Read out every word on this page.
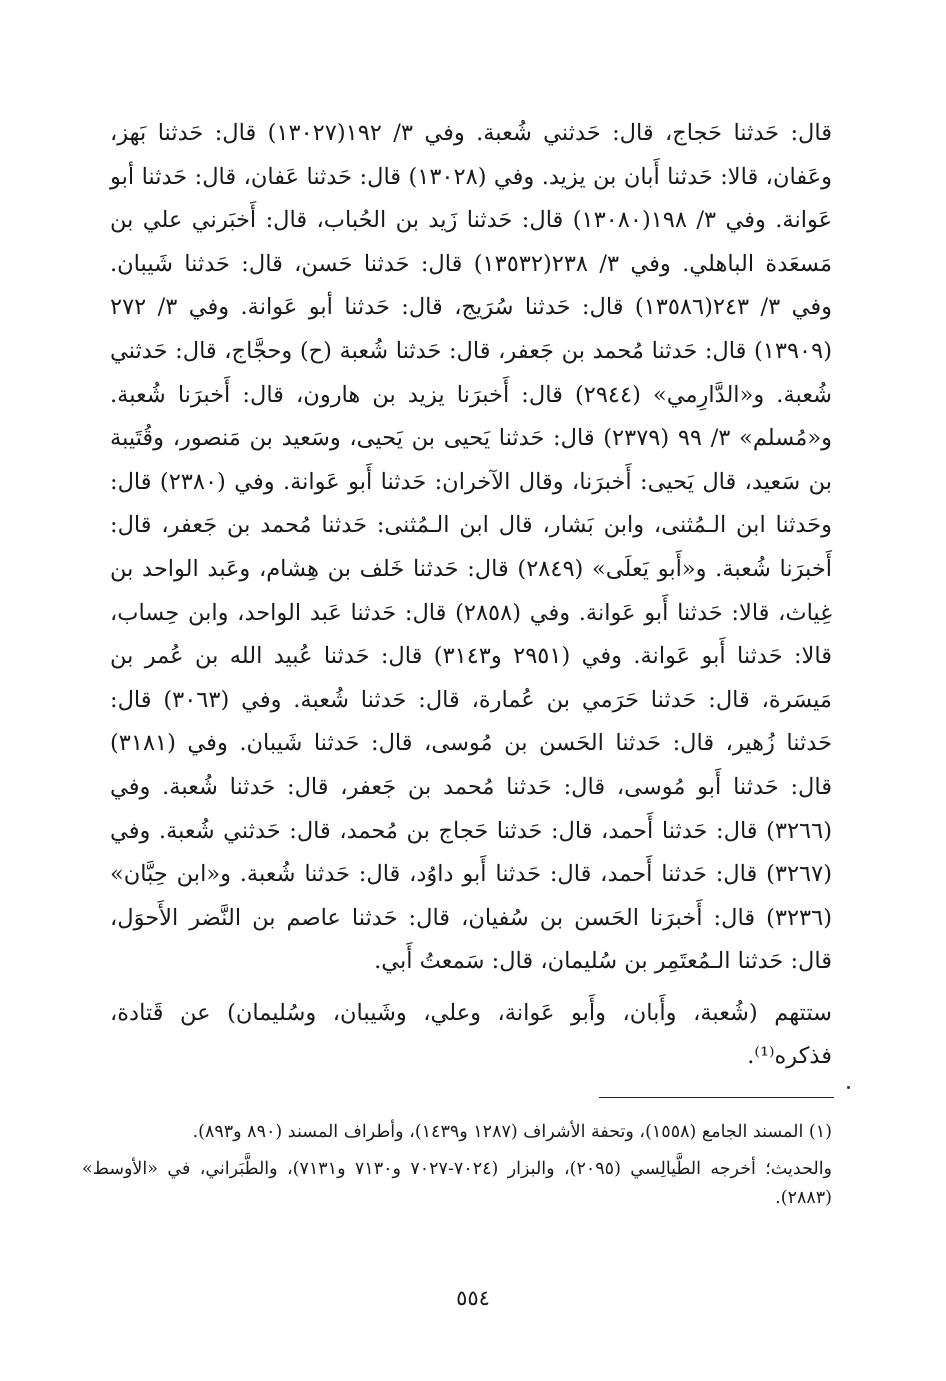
قال: حَدثنا حَجاج، قال: حَدثني شُعبة. وفي ٣/ ١٩٢(١٣٠٢٧) قال: حَدثنا بَهز، وعَفان، قالا: حَدثنا أَبان بن يزيد. وفي (١٣٠٢٨) قال: حَدثنا عَفان، قال: حَدثنا أبو عَوانة. وفي ٣/ ١٩٨(١٣٠٨٠) قال: حَدثنا زَيد بن الحُباب، قال: أَخبَرني علي بن مَسعَدة الباهلي. وفي ٣/ ٢٣٨(١٣٥٣٢) قال: حَدثنا حَسن، قال: حَدثنا شَيبان. وفي ٣/ ٢٤٣(١٣٥٨٦) قال: حَدثنا سُرَيج، قال: حَدثنا أبو عَوانة. وفي ٣/ ٢٧٢ (١٣٩٠٩) قال: حَدثنا مُحمد بن جَعفر، قال: حَدثنا شُعبة (ح) وحجَّاج، قال: حَدثني شُعبة. و«الدَّارِمي» (٢٩٤٤) قال: أَخبرَنا يزيد بن هارون، قال: أَخبرَنا شُعبة. و«مُسلم» ٣/ ٩٩ (٢٣٧٩) قال: حَدثنا يَحيى بن يَحيى، وسَعيد بن مَنصور، وقُتَيبة بن سَعيد، قال يَحيى: أَخبرَنا، وقال الآخران: حَدثنا أَبو عَوانة. وفي (٢٣٨٠) قال: وحَدثنا ابن الـمُثنى، وابن بَشار، قال ابن الـمُثنى: حَدثنا مُحمد بن جَعفر، قال: أَخبرَنا شُعبة. و«أَبو يَعلَى» (٢٨٤٩) قال: حَدثنا خَلف بن هِشام، وعَبد الواحد بن غِياث، قالا: حَدثنا أَبو عَوانة. وفي (٢٨٥٨) قال: حَدثنا عَبد الواحد، وابن حِساب، قالا: حَدثنا أَبو عَوانة. وفي (٢٩٥١ و٣١٤٣) قال: حَدثنا عُبيد الله بن عُمر بن مَيسَرة، قال: حَدثنا حَرَمي بن عُمارة، قال: حَدثنا شُعبة. وفي (٣٠٦٣) قال: حَدثنا زُهير، قال: حَدثنا الحَسن بن مُوسى، قال: حَدثنا شَيبان. وفي (٣١٨١) قال: حَدثنا أَبو مُوسى، قال: حَدثنا مُحمد بن جَعفر، قال: حَدثنا شُعبة. وفي (٣٢٦٦) قال: حَدثنا أَحمد، قال: حَدثنا حَجاج بن مُحمد، قال: حَدثني شُعبة. وفي (٣٢٦٧) قال: حَدثنا أَحمد، قال: حَدثنا أَبو داوُد، قال: حَدثنا شُعبة. و«ابن حِبَّان» (٣٢٣٦) قال: أَخبرَنا الحَسن بن سُفيان، قال: حَدثنا عاصم بن النَّضر الأَحوَل، قال: حَدثنا الـمُعتَمِر بن سُليمان، قال: سَمعتُ أَبي.

ستتهم (شُعبة، وأَبان، وأَبو عَوانة، وعلي، وشَيبان، وسُليمان) عن قَتادة، فذكره⁽¹⁾.

(١) المسند الجامع (١٥٥٨)، وتحفة الأشراف (١٢٨٧ و١٤٣٩)، وأطراف المسند (٨٩٠ و٨٩٣).

والحديث؛ أخرجه الطَّيالِسي (٢٠٩٥)، والبزار (٧٠٢٤-٧٠٢٧ و٧١٣٠ و٧١٣١)، والطَّبَراني، في «الأوسط» (٢٨٨٣).

٥٥٤
